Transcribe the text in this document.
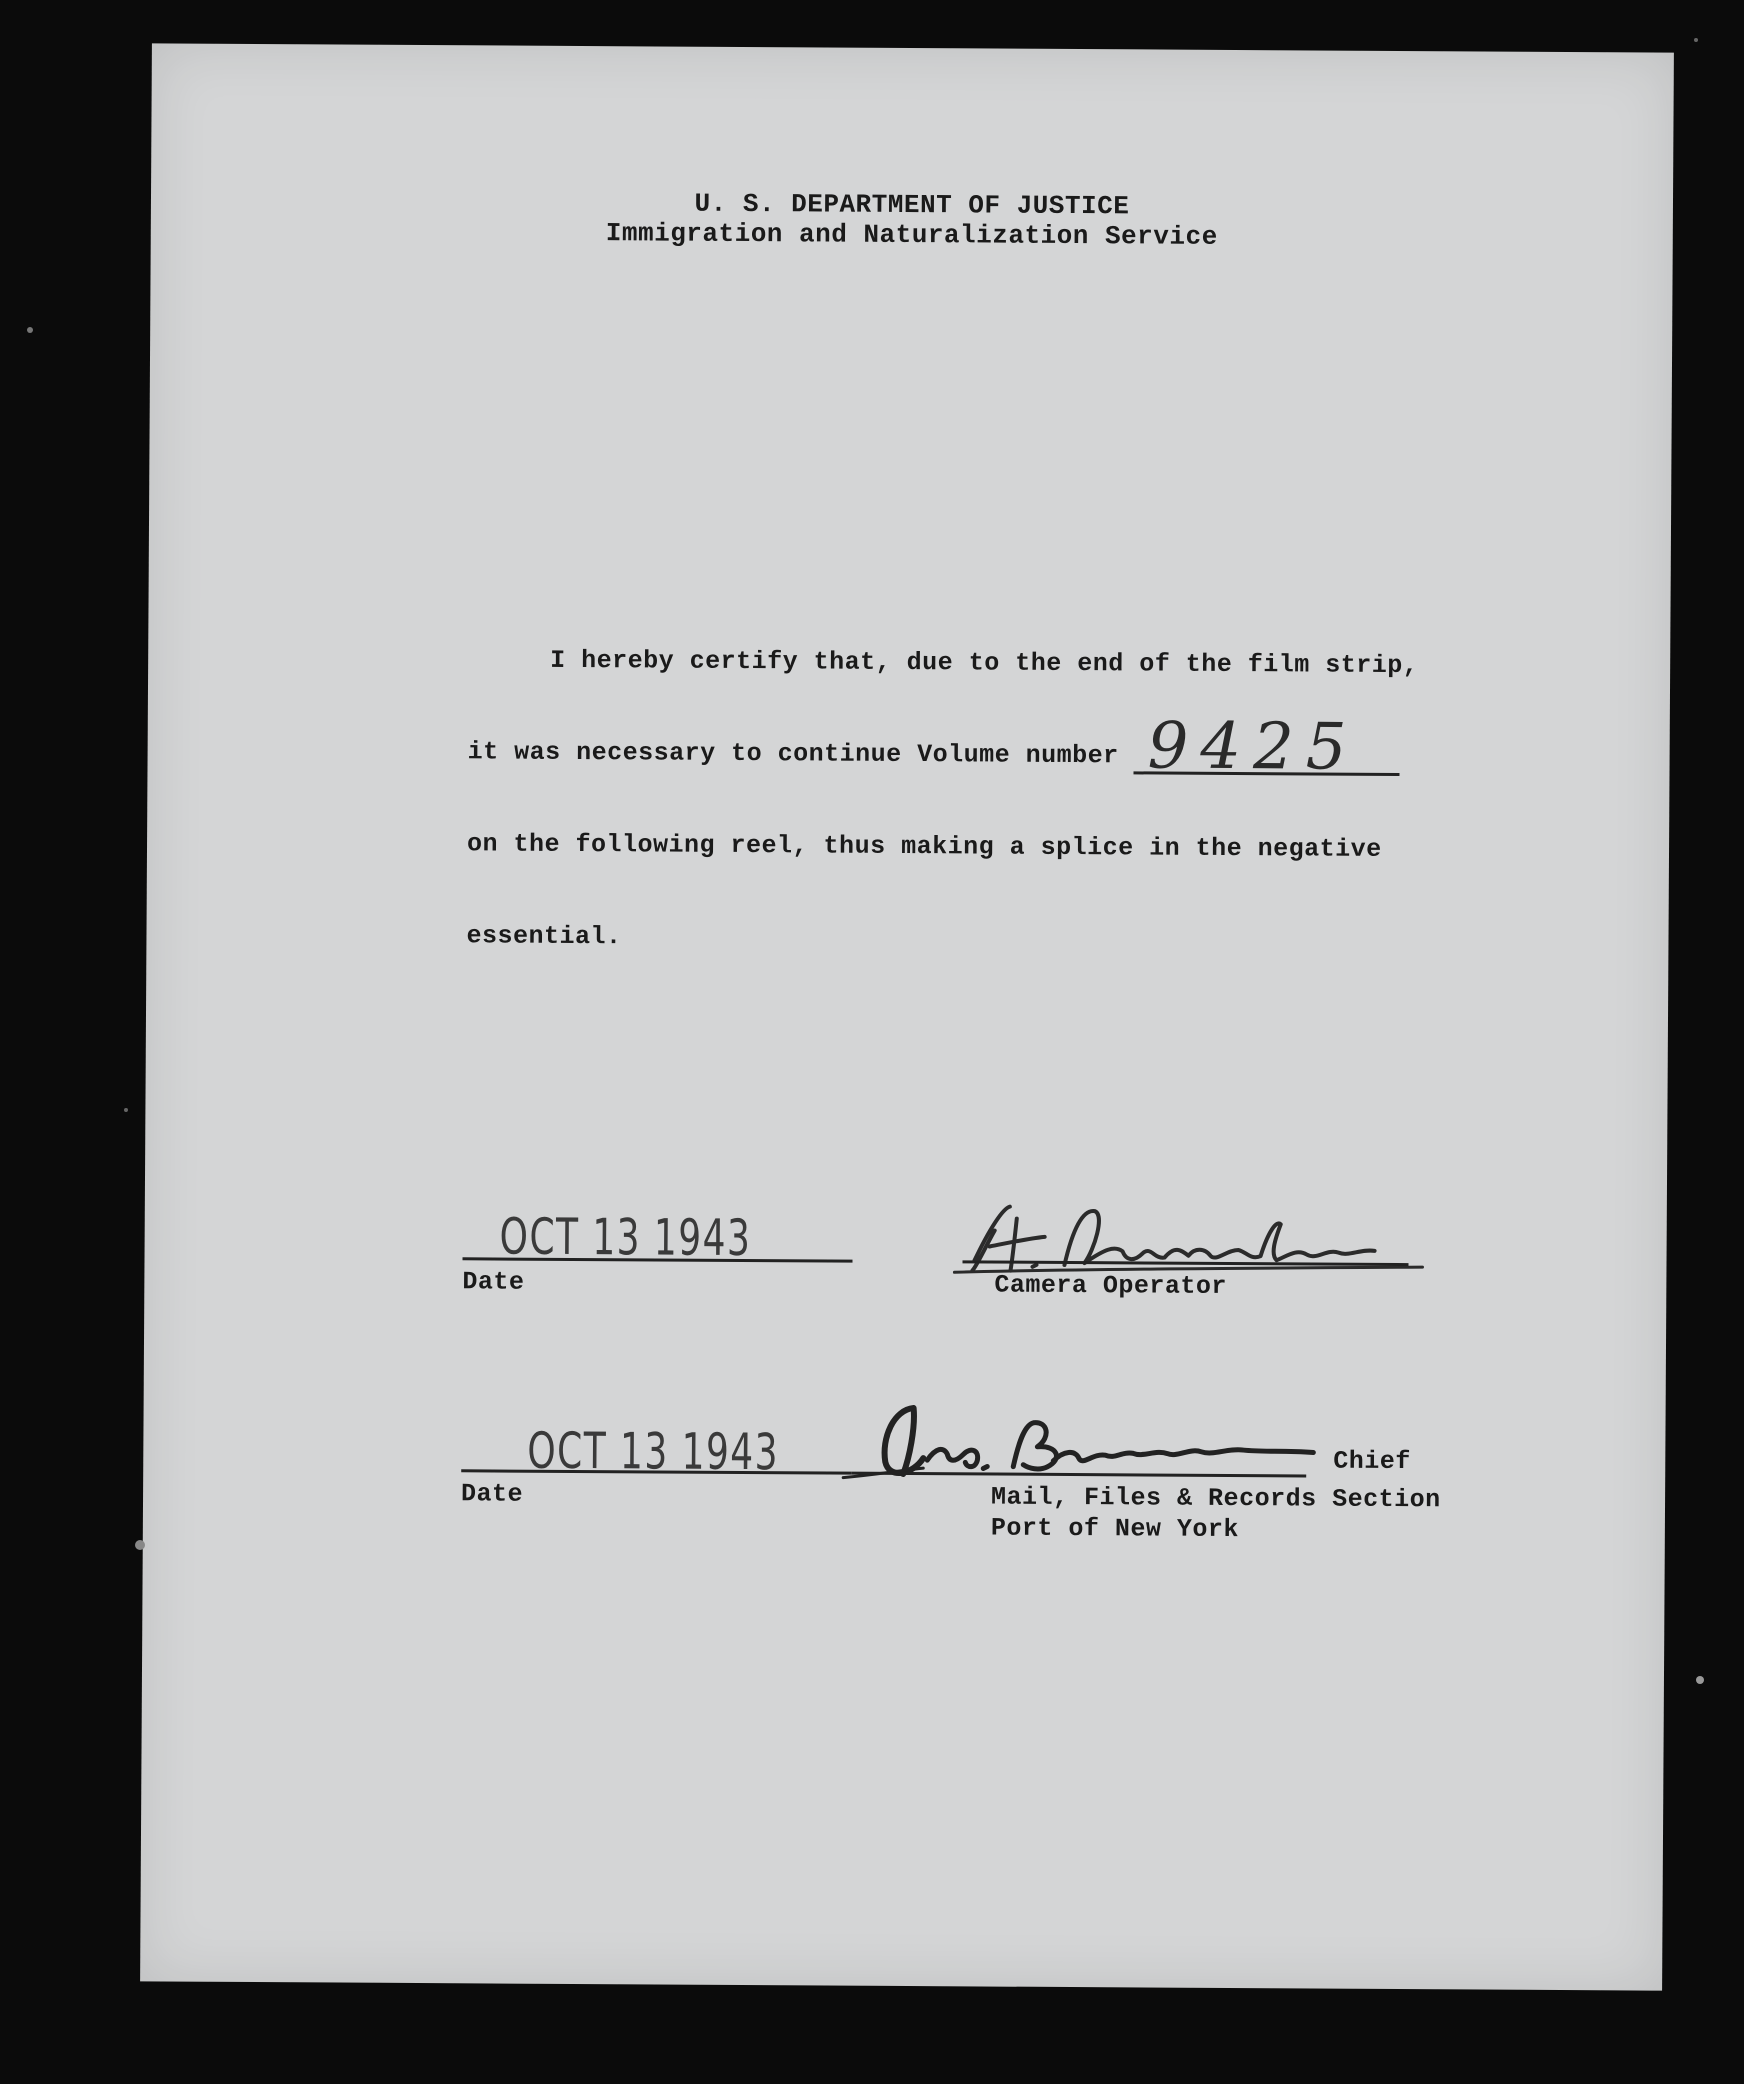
U. S. DEPARTMENT OF JUSTICE
Immigration and Naturalization Service
I hereby certify that, due to the end of the film strip,
it was necessary to continue Volume number 9425
on the following reel, thus making a splice in the negative
essential.
OCT 13 1943
Date	Camera Operator
OCT 13 1943
Date
Chief
Mail, Files & Records Section
Port of New York
